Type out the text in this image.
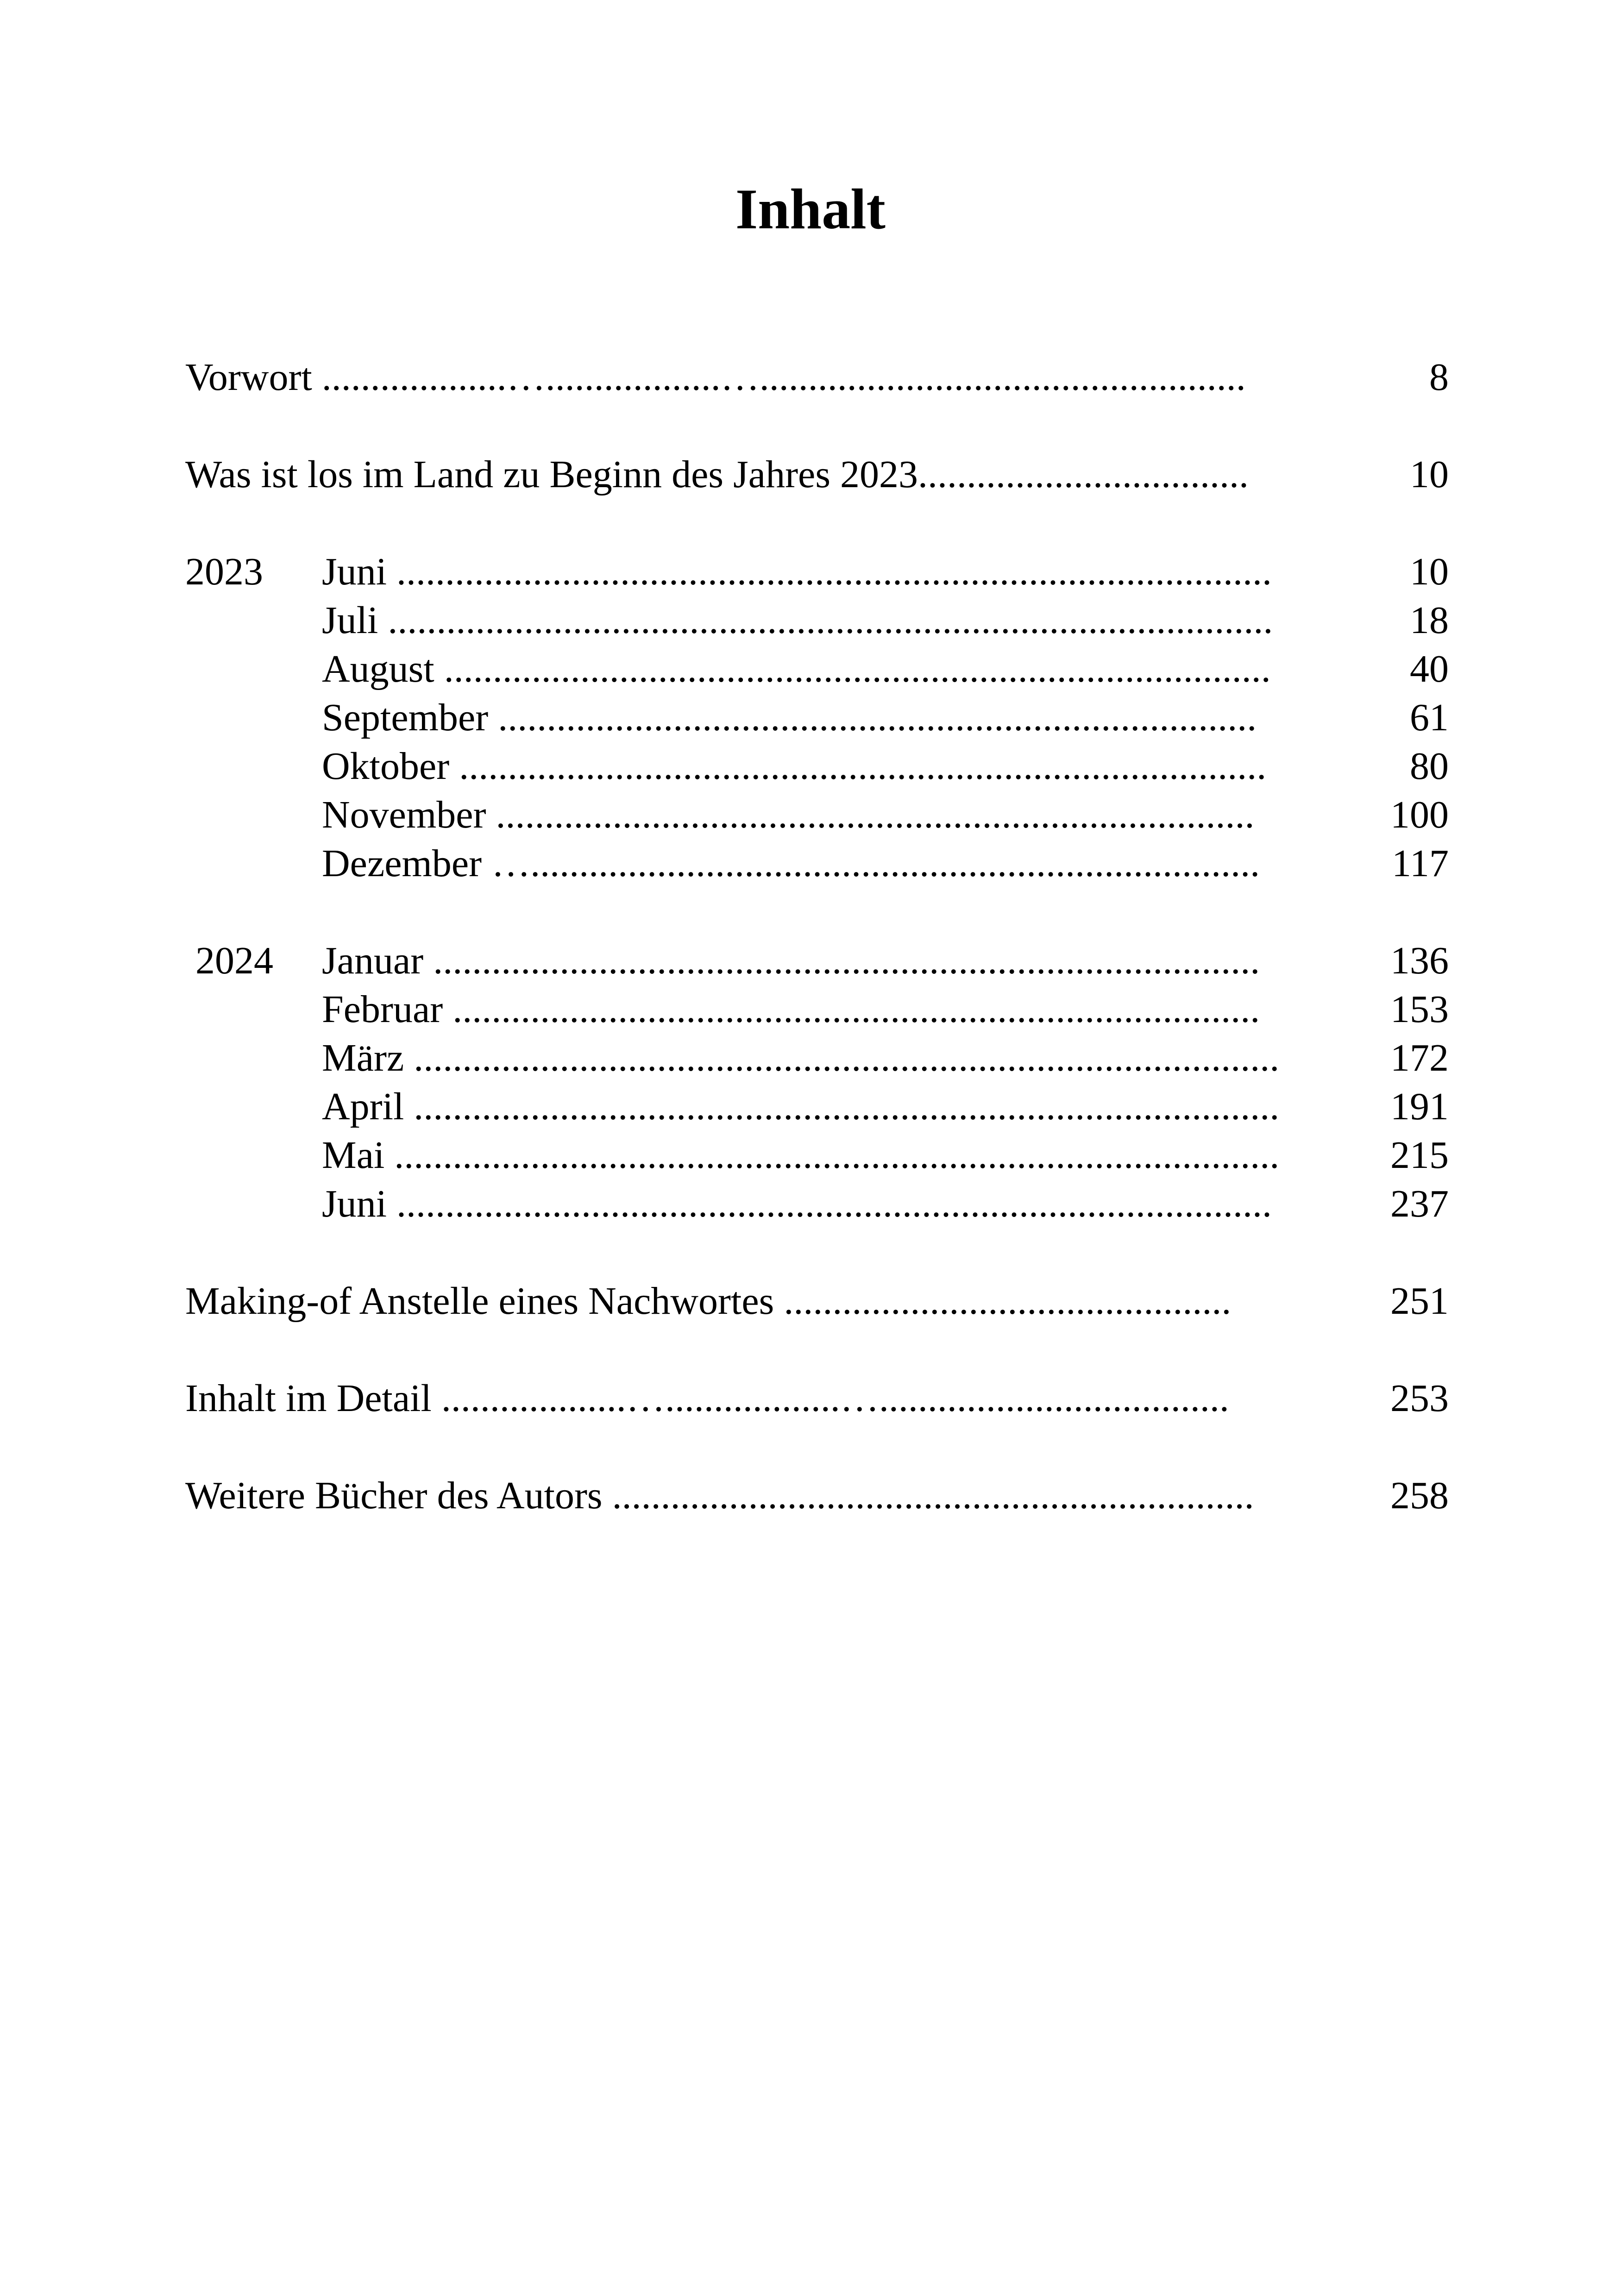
Inhalt
Vorwort ...................…..................…..................................................	8
Was ist los im Land zu Beginn des Jahres 2023..................................	10
2023 Juni ..........................................................................................	10
Juli ...........................................................................................	18
August .....................................................................................	40
September ..............................................................................	61
Oktober ...................................................................................	80
November ..............................................................................	100
Dezember …...........................................................................	117
2024 Januar .....................................................................................	136
Februar ...................................................................................	153
März .........................................................................................	172
April .........................................................................................	191
Mai ...........................................................................................	215
Juni ..........................................................................................	237
Making-of Anstelle eines Nachwortes ..............................................	251
Inhalt im Detail ...................…..................…....................................	253
Weitere Bücher des Autors ..................................................................	258
